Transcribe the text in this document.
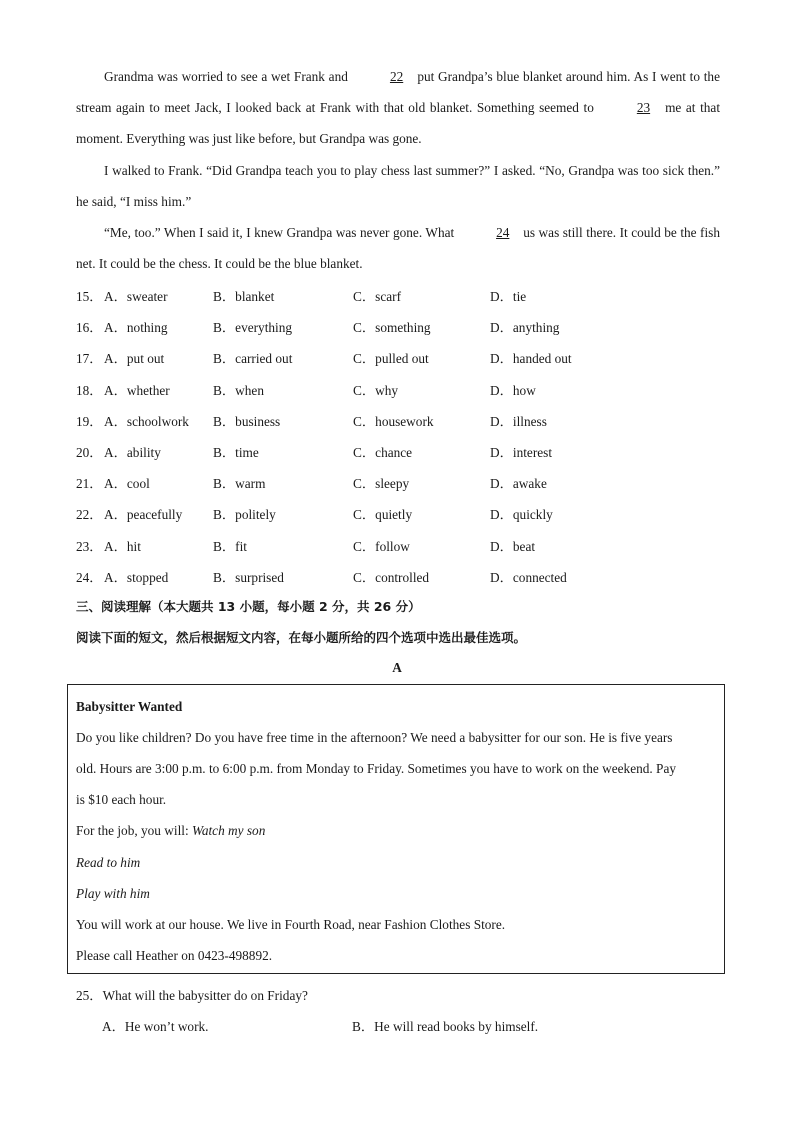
Grandma was worried to see a wet Frank and	22 put Grandpa’s blue blanket around him. As I went to the stream again to meet Jack, I looked back at Frank with that old blanket. Something seemed to	23 me at that moment. Everything was just like before, but Grandpa was gone.
I walked to Frank. “Did Grandpa teach you to play chess last summer?” I asked. “No, Grandpa was too sick then.” he said, “I miss him.”
“Me, too.” When I said it, I knew Grandpa was never gone. What	24 us was still there. It could be the fish net. It could be the chess. It could be the blue blanket.
15． A．sweater	B．blanket	C．scarf	D．tie
16． A．nothing	B．everything	C．something	D．anything
17． A．put out	B．carried out	C．pulled out	D．handed out
18． A．whether	B．when	C．why	D．how
19． A．schoolwork B．business	C．housework	D．illness
20． A．ability	B．time	C．chance	D．interest
21． A．cool	B．warm	C．sleepy	D．awake
22． A．peacefully B．politely	C．quietly	D．quickly
23． A．hit	B．fit	C．follow	D．beat
24． A．stopped	B．surprised	C．controlled	D．connected
三、阅读理解（本大题共 13 小题，每小题 2 分，共 26 分）
阅读下面的短文，然后根据短文内容，在每小题所给的四个选项中选出最佳选项。
A
Babysitter Wanted
Do you like children? Do you have free time in the afternoon? We need a babysitter for our son. He is five years
old. Hours are 3:00 p.m. to 6:00 p.m. from Monday to Friday. Sometimes you have to work on the weekend. Pay
is $10 each hour.
For the job, you will: Watch my son
Read to him
Play with him
You will work at our house. We live in Fourth Road, near Fashion Clothes Store.
Please call Heather on 0423-498892.
25．What will the babysitter do on Friday?
A．He won’t work.	B．He will read books by himself.
